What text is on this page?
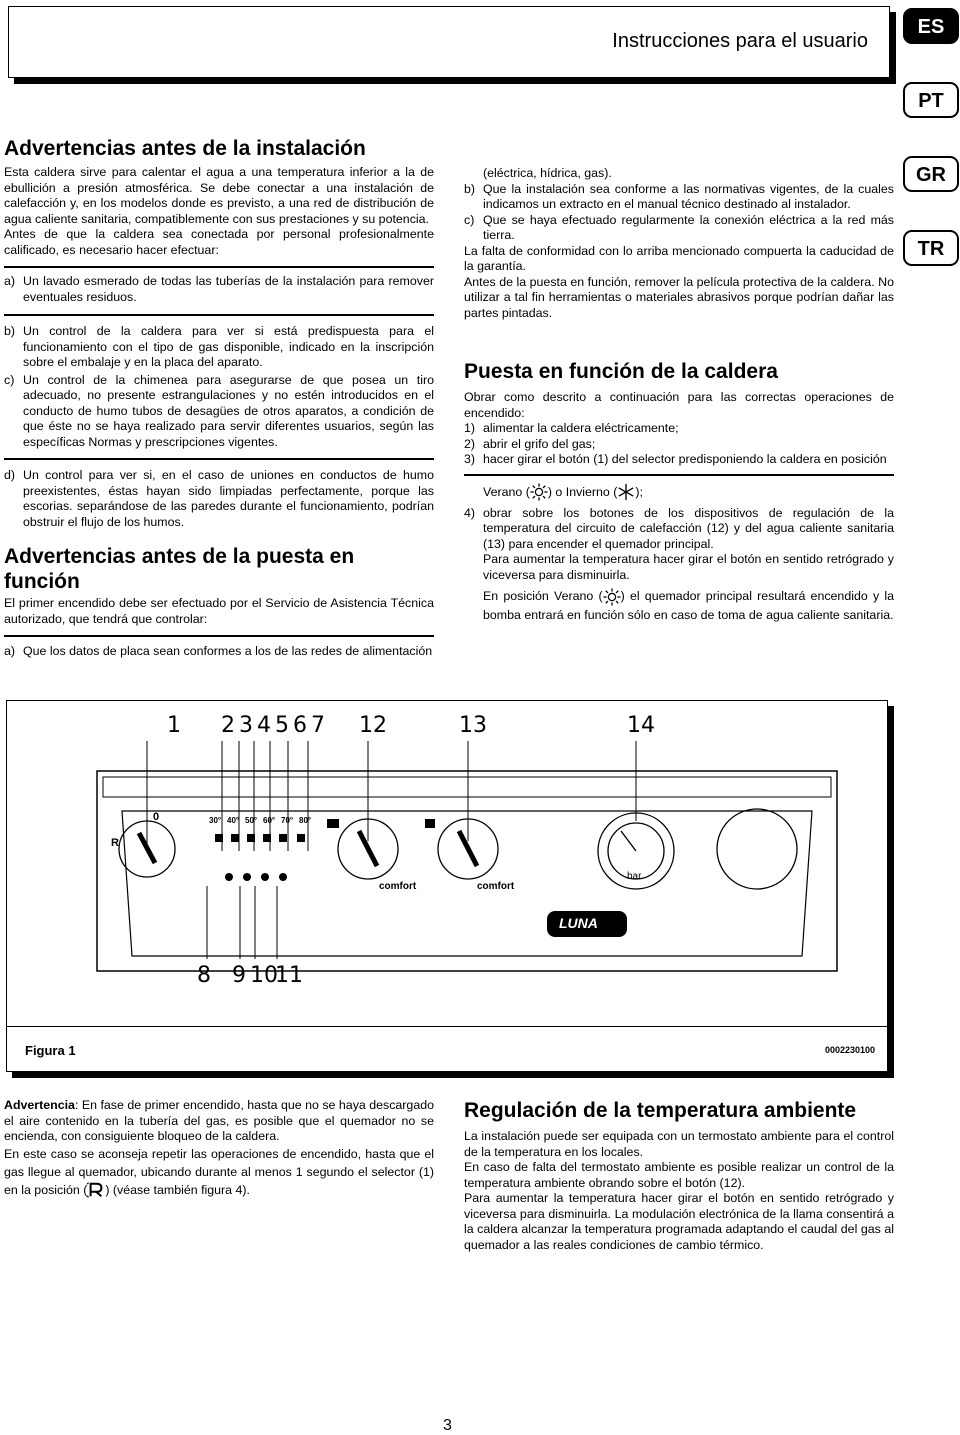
Instrucciones para el usuario
ES
PT
GR
TR
Advertencias antes de la instalación
Esta caldera sirve para calentar el agua a una temperatura inferior a la de ebullición a presión atmosférica. Se debe conectar a una instalación de calefacción y, en los modelos donde es previsto, a una red de distribución de agua caliente sanitaria, compatiblemente con sus prestaciones y su potencia.
Antes de que la caldera sea conectada por personal profesionalmente calificado, es necesario hacer efectuar:
a) Un lavado esmerado de todas las tuberías de la instalación para remover eventuales residuos.
b) Un control de la caldera para ver si está predispuesta para el funcionamiento con el tipo de gas disponible, indicado en la inscripción sobre el embalaje y en la placa del aparato.
c) Un control de la chimenea para asegurarse de que posea un tiro adecuado, no presente estrangulaciones y no estén introducidos en el conducto de humo tubos de desagües de otros aparatos, a condición de que éste no se haya realizado para servir diferentes usuarios, según las específicas Normas y prescripciones vigentes.
d) Un control para ver si, en el caso de uniones en conductos de humo preexistentes, éstas hayan sido limpiadas perfectamente, porque las escorias. separándose de las paredes durante el funcionamiento, podrían obstruir el flujo de los humos.
Advertencias antes de la puesta en función
El primer encendido debe ser efectuado por el Servicio de Asistencia Técnica autorizado, que tendrá que controlar:
a) Que los datos de placa sean conformes a los de las redes de alimentación
(eléctrica, hídrica, gas).
b) Que la instalación sea conforme a las normativas vigentes, de la cuales indicamos un extracto en el manual técnico destinado al instalador.
c) Que se haya efectuado regularmente la conexión eléctrica a la red más tierra.
La falta de conformidad con lo arriba mencionado compuerta la caducidad de la garantía.
Antes de la puesta en función, remover la película protectiva de la caldera. No utilizar a tal fin herramientas o materiales abrasivos porque podrían dañar las partes pintadas.
Puesta en función de la caldera
Obrar como descrito a continuación para las correctas operaciones de encendido:
1) alimentar la caldera eléctricamente;
2) abrir el grifo del gas;
3) hacer girar el botón (1) del selector predisponiendo la caldera en posición
Verano ( ) o Invierno ( );
4) obrar sobre los botones de los dispositivos de regulación de la temperatura del circuito de calefacción (12) y del agua caliente sanitaria (13) para encender el quemador principal.
Para aumentar la temperatura hacer girar el botón en sentido retrógrado y viceversa para disminuirla.
En posición Verano ( ) el quemador principal resultará encendido y la bomba entrará en función sólo en caso de toma de agua caliente sanitaria.
1 2 3 4 5 6 7 12	13	14
30° 40° 50° 60° 70° 80°
R
0
comfort	comfort
bar
LUNA
8 9 10
11
Figura 1	0002230100
Advertencia: En fase de primer encendido, hasta que no se haya descargado el aire contenido en la tubería del gas, es posible que el quemador no se encienda, con consiguiente bloqueo de la caldera.
En este caso se aconseja repetir las operaciones de encendido, hasta que el gas llegue al quemador, ubicando durante al menos 1 segundo el selector (1) en la posición ( ) (véase también figura 4).
Regulación de la temperatura ambiente
La instalación puede ser equipada con un termostato ambiente para el control de la temperatura en los locales.
En caso de falta del termostato ambiente es posible realizar un control de la temperatura ambiente obrando sobre el botón (12).
Para aumentar la temperatura hacer girar el botón en sentido retrógrado y viceversa para disminuirla. La modulación electrónica de la llama consentirá a la caldera alcanzar la temperatura programada adaptando el caudal del gas al quemador a las reales condiciones de cambio térmico.
3
